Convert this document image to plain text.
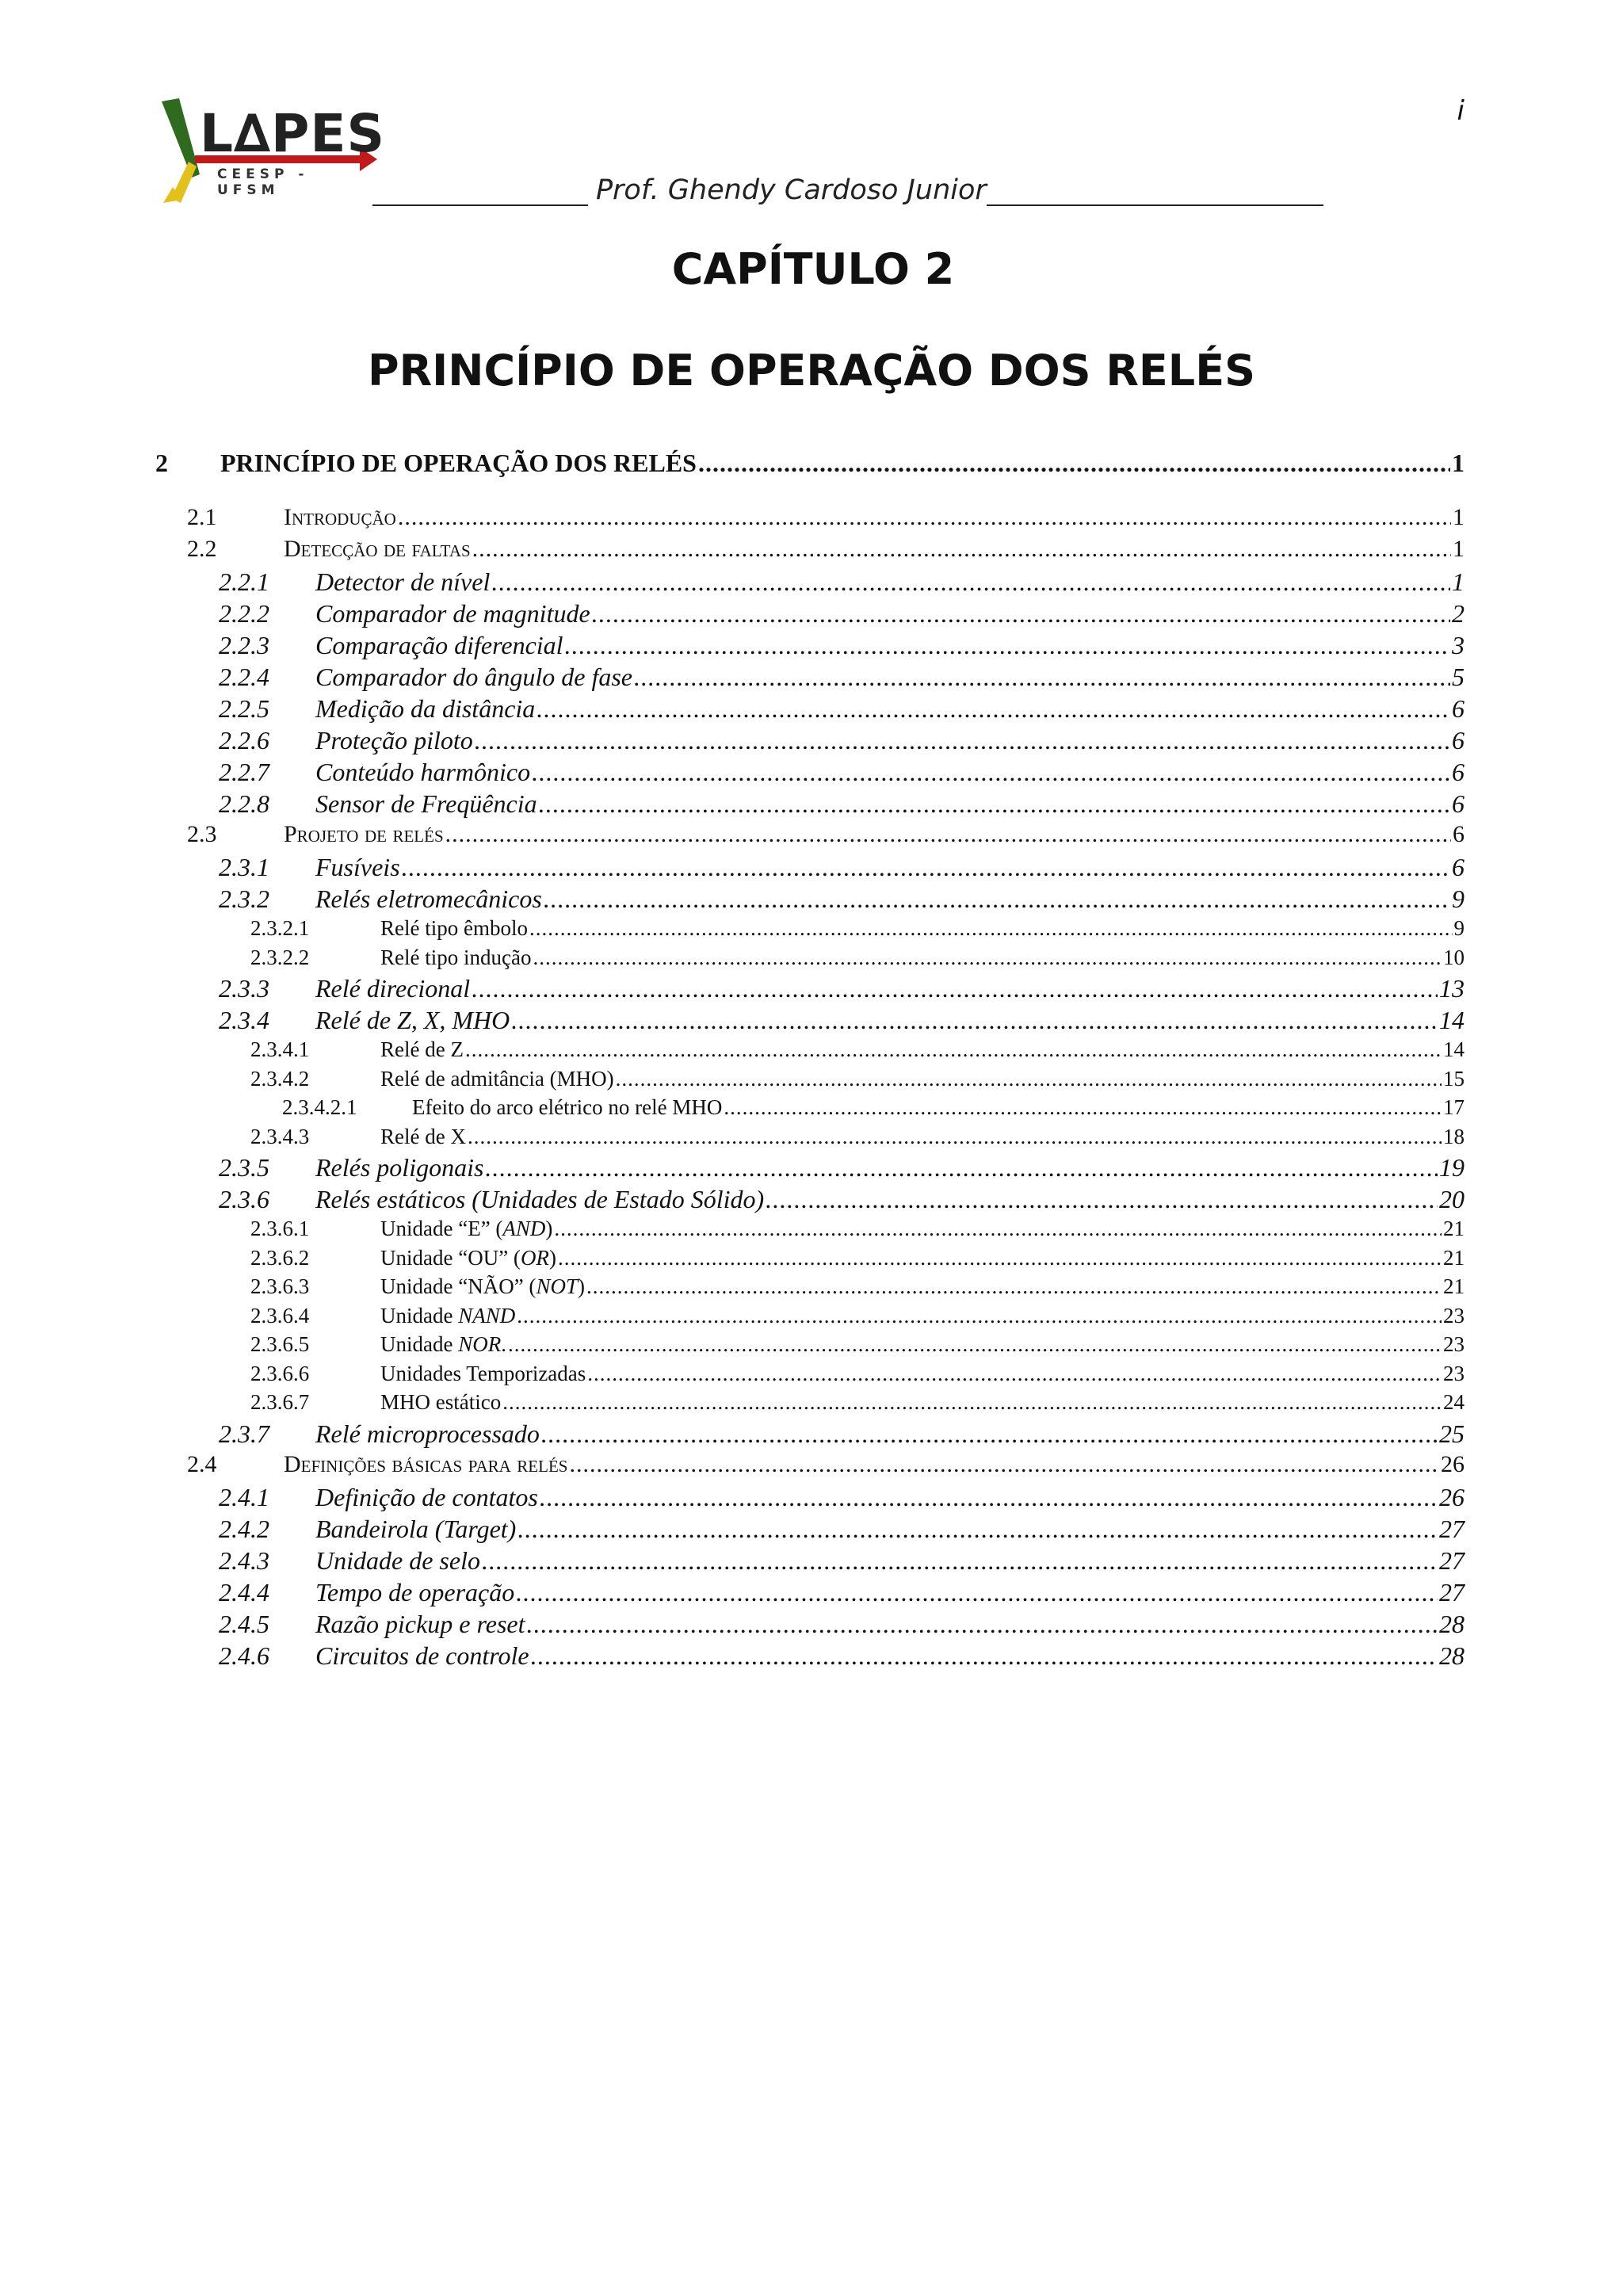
i
L∆PES
CEESP - UFSM	Prof. Ghendy Cardoso Junior
CAPÍTULO 2
PRINCÍPIO DE OPERAÇÃO DOS RELÉS
2	PRINCÍPIO DE OPERAÇÃO DOS RELÉS .....	1
2.1	Introdução .....	1
2.2	Detecção de faltas .....	1
2.2.1	Detector de nível .....	1
2.2.2	Comparador de magnitude .....	2
2.2.3	Comparação diferencial .....	3
2.2.4	Comparador do ângulo de fase .....	5
2.2.5	Medição da distância .....	6
2.2.6	Proteção piloto .....	6
2.2.7	Conteúdo harmônico .....	6
2.2.8	Sensor de Freqüência .....	6
2.3	Projeto de relés .....	6
2.3.1	Fusíveis .....	6
2.3.2	Relés eletromecânicos .....	9
2.3.2.1	Relé tipo êmbolo .....	9
2.3.2.2	Relé tipo indução .....	10
2.3.3	Relé direcional .....	13
2.3.4	Relé de Z, X, MHO .....	14
2.3.4.1	Relé de Z .....	14
2.3.4.2	Relé de admitância (MHO) .....	15
2.3.4.2.1	Efeito do arco elétrico no relé MHO .....	17
2.3.4.3	Relé de X .....	18
2.3.5	Relés poligonais .....	19
2.3.6	Relés estáticos (Unidades de Estado Sólido) .....	20
2.3.6.1	Unidade “E” (AND) .....	21
2.3.6.2	Unidade “OU” (OR) .....	21
2.3.6.3	Unidade “NÃO” (NOT) .....	21
2.3.6.4	Unidade NAND .....	23
2.3.6.5	Unidade NOR. .....	23
2.3.6.6	Unidades Temporizadas .....	23
2.3.6.7	MHO estático .....	24
2.3.7	Relé microprocessado .....	25
2.4	Definições básicas para relés .....	26
2.4.1	Definição de contatos .....	26
2.4.2	Bandeirola (Target) .....	27
2.4.3	Unidade de selo .....	27
2.4.4	Tempo de operação .....	27
2.4.5	Razão pickup e reset .....	28
2.4.6	Circuitos de controle .....	28
